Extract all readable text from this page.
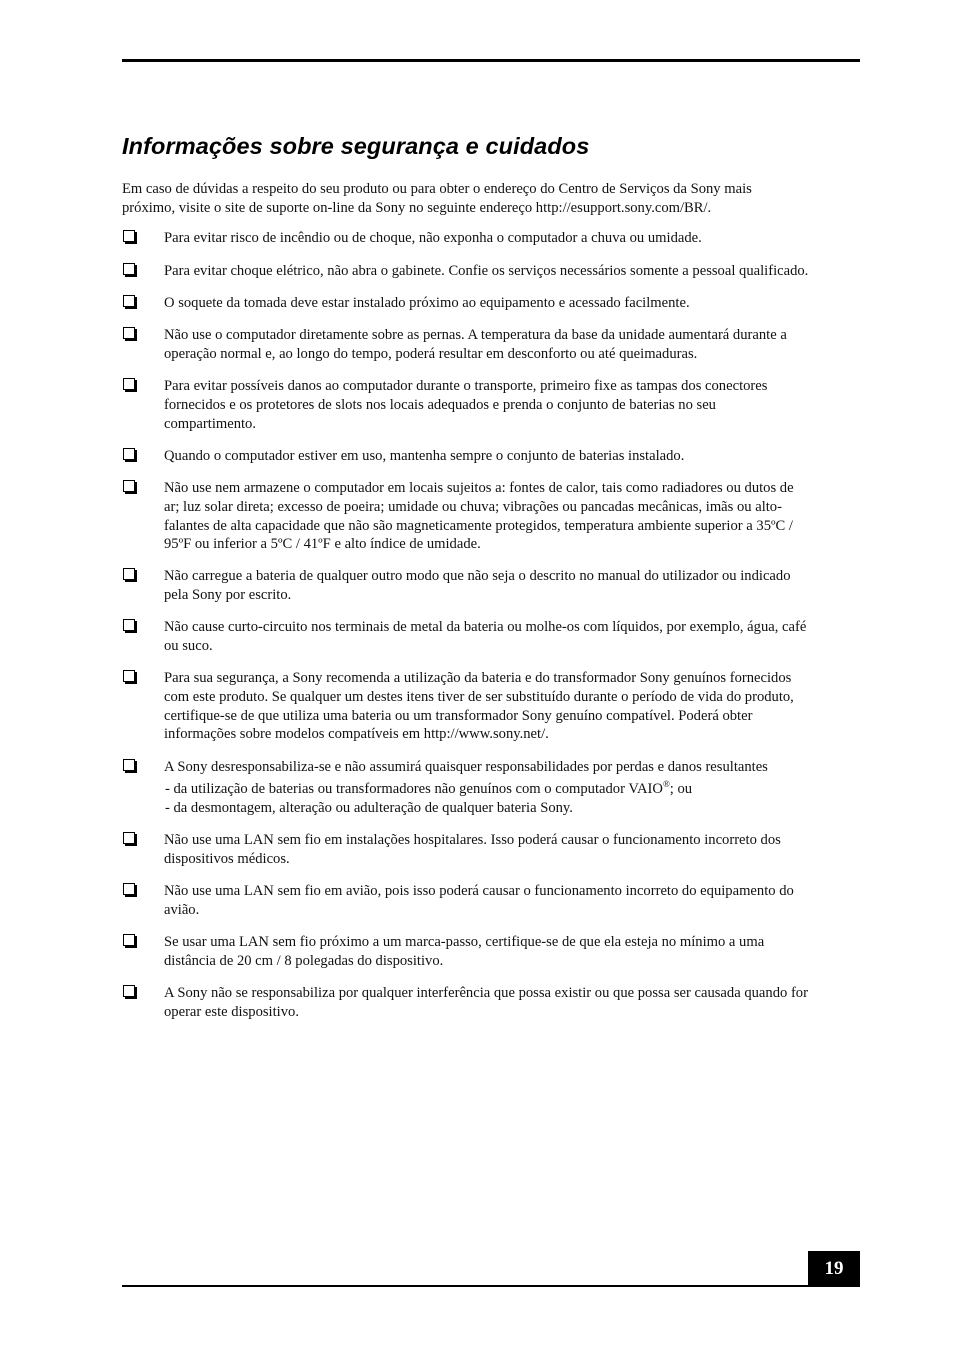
Informações sobre segurança e cuidados

Em caso de dúvidas a respeito do seu produto ou para obter o endereço do Centro de Serviços da Sony mais
próximo, visite o site de suporte on-line da Sony no seguinte endereço http://esupport.sony.com/BR/.

Para evitar risco de incêndio ou de choque, não exponha o computador a chuva ou umidade.
Para evitar choque elétrico, não abra o gabinete. Confie os serviços necessários somente a pessoal qualificado.
O soquete da tomada deve estar instalado próximo ao equipamento e acessado facilmente.
Não use o computador diretamente sobre as pernas. A temperatura da base da unidade aumentará durante a
operação normal e, ao longo do tempo, poderá resultar em desconforto ou até queimaduras.
Para evitar possíveis danos ao computador durante o transporte, primeiro fixe as tampas dos conectores
fornecidos e os protetores de slots nos locais adequados e prenda o conjunto de baterias no seu
compartimento.
Quando o computador estiver em uso, mantenha sempre o conjunto de baterias instalado.
Não use nem armazene o computador em locais sujeitos a: fontes de calor, tais como radiadores ou dutos de
ar; luz solar direta; excesso de poeira; umidade ou chuva; vibrações ou pancadas mecânicas, imãs ou alto-
falantes de alta capacidade que não são magneticamente protegidos, temperatura ambiente superior a 35ºC /
95ºF ou inferior a 5ºC / 41ºF e alto índice de umidade.
Não carregue a bateria de qualquer outro modo que não seja o descrito no manual do utilizador ou indicado
pela Sony por escrito.
Não cause curto-circuito nos terminais de metal da bateria ou molhe-os com líquidos, por exemplo, água, café
ou suco.
Para sua segurança, a Sony recomenda a utilização da bateria e do transformador Sony genuínos fornecidos
com este produto. Se qualquer um destes itens tiver de ser substituído durante o período de vida do produto,
certifique-se de que utiliza uma bateria ou um transformador Sony genuíno compatível. Poderá obter
informações sobre modelos compatíveis em http://www.sony.net/.
A Sony desresponsabiliza-se e não assumirá quaisquer responsabilidades por perdas e danos resultantes
- da utilização de baterias ou transformadores não genuínos com o computador VAIO®; ou
- da desmontagem, alteração ou adulteração de qualquer bateria Sony.
Não use uma LAN sem fio em instalações hospitalares. Isso poderá causar o funcionamento incorreto dos
dispositivos médicos.
Não use uma LAN sem fio em avião, pois isso poderá causar o funcionamento incorreto do equipamento do
avião.
Se usar uma LAN sem fio próximo a um marca-passo, certifique-se de que ela esteja no mínimo a uma
distância de 20 cm / 8 polegadas do dispositivo.
A Sony não se responsabiliza por qualquer interferência que possa existir ou que possa ser causada quando for
operar este dispositivo.
19
